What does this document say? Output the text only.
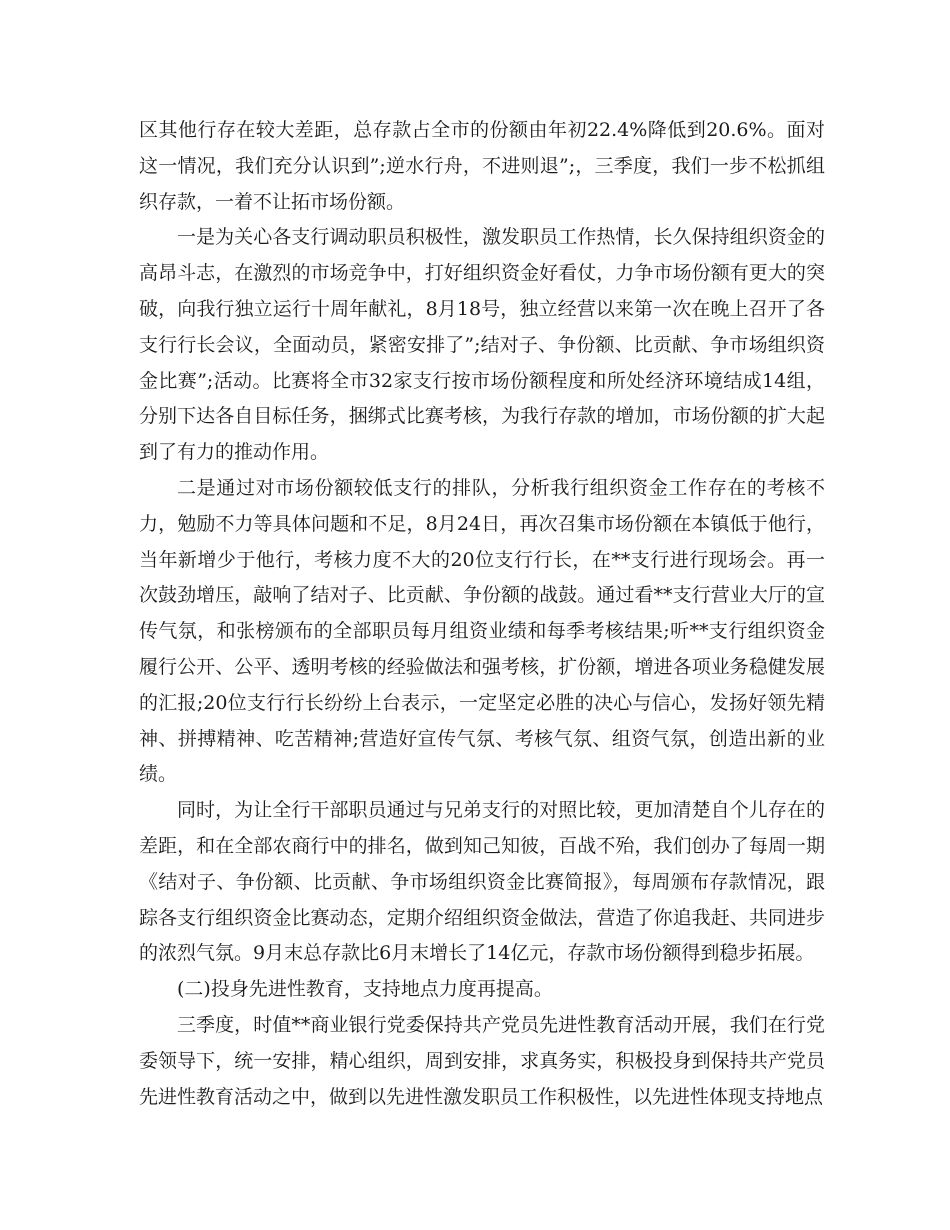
区其他行存在较大差距，总存款占全市的份额由年初22.4%降低到20.6%。面对这一情况，我们充分认识到”;逆水行舟，不进则退”;，三季度，我们一步不松抓组织存款，一着不让拓市场份额。

一是为关心各支行调动职员积极性，激发职员工作热情，长久保持组织资金的高昂斗志，在激烈的市场竞争中，打好组织资金好看仗，力争市场份额有更大的突破，向我行独立运行十周年献礼，8月18号，独立经营以来第一次在晚上召开了各支行行长会议，全面动员，紧密安排了”;结对子、争份额、比贡献、争市场组织资金比赛”;活动。比赛将全市32家支行按市场份额程度和所处经济环境结成14组，分别下达各自目标任务，捆绑式比赛考核，为我行存款的增加，市场份额的扩大起到了有力的推动作用。

二是通过对市场份额较低支行的排队，分析我行组织资金工作存在的考核不力，勉励不力等具体问题和不足，8月24日，再次召集市场份额在本镇低于他行，当年新增少于他行，考核力度不大的20位支行行长，在**支行进行现场会。再一次鼓劲增压，敲响了结对子、比贡献、争份额的战鼓。通过看**支行营业大厅的宣传气氛，和张榜颁布的全部职员每月组资业绩和每季考核结果;听**支行组织资金履行公开、公平、透明考核的经验做法和强考核，扩份额，增进各项业务稳健发展的汇报;20位支行行长纷纷上台表示，一定坚定必胜的决心与信心，发扬好领先精神、拼搏精神、吃苦精神;营造好宣传气氛、考核气氛、组资气氛，创造出新的业绩。

同时，为让全行干部职员通过与兄弟支行的对照比较，更加清楚自个儿存在的差距，和在全部农商行中的排名，做到知己知彼，百战不殆，我们创办了每周一期《结对子、争份额、比贡献、争市场组织资金比赛简报》，每周颁布存款情况，跟踪各支行组织资金比赛动态，定期介绍组织资金做法，营造了你追我赶、共同进步的浓烈气氛。9月末总存款比6月末增长了14亿元，存款市场份额得到稳步拓展。

(二)投身先进性教育，支持地点力度再提高。

三季度，时值**商业银行党委保持共产党员先进性教育活动开展，我们在行党委领导下，统一安排，精心组织，周到安排，求真务实，积极投身到保持共产党员先进性教育活动之中，做到以先进性激发职员工作积极性，以先进性体现支持地点
